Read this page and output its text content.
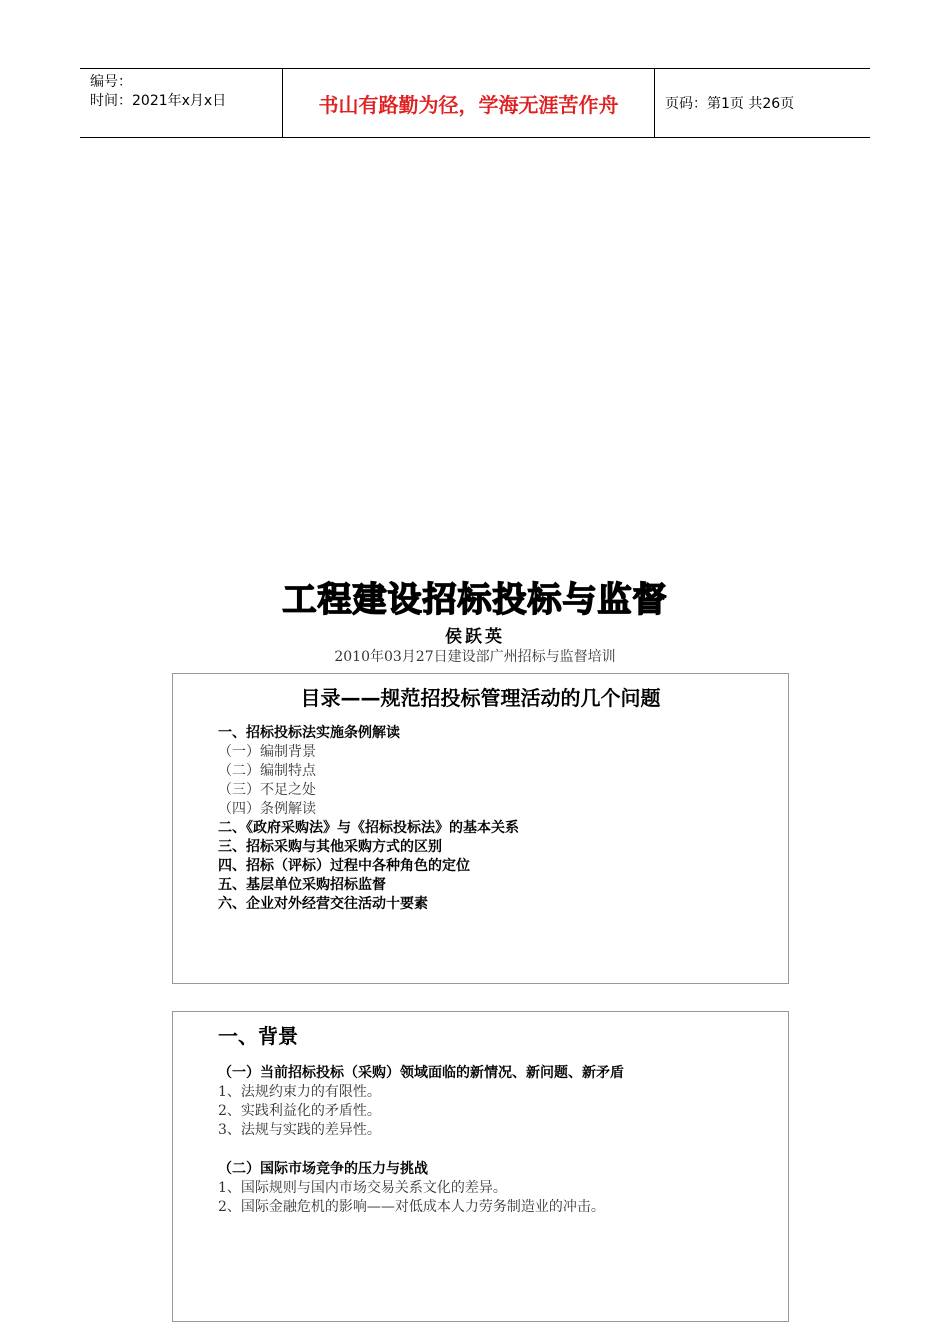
编号：
时间：2021年x月x日	书山有路勤为径，学海无涯苦作舟	页码：第1页 共26页
工程建设招标投标与监督
侯跃英
2010年03月27日建设部广州招标与监督培训
目录——规范招投标管理活动的几个问题
一、招标投标法实施条例解读
（一）编制背景
（二）编制特点
（三）不足之处
（四）条例解读
二、《政府采购法》与《招标投标法》的基本关系
三、招标采购与其他采购方式的区别
四、招标（评标）过程中各种角色的定位
五、基层单位采购招标监督
六、企业对外经营交往活动十要素
一、背景
（一）当前招标投标（采购）领域面临的新情况、新问题、新矛盾
1、法规约束力的有限性。
2、实践利益化的矛盾性。
3、法规与实践的差异性。
（二）国际市场竞争的压力与挑战
1、国际规则与国内市场交易关系文化的差异。
2、国际金融危机的影响——对低成本人力劳务制造业的冲击。
